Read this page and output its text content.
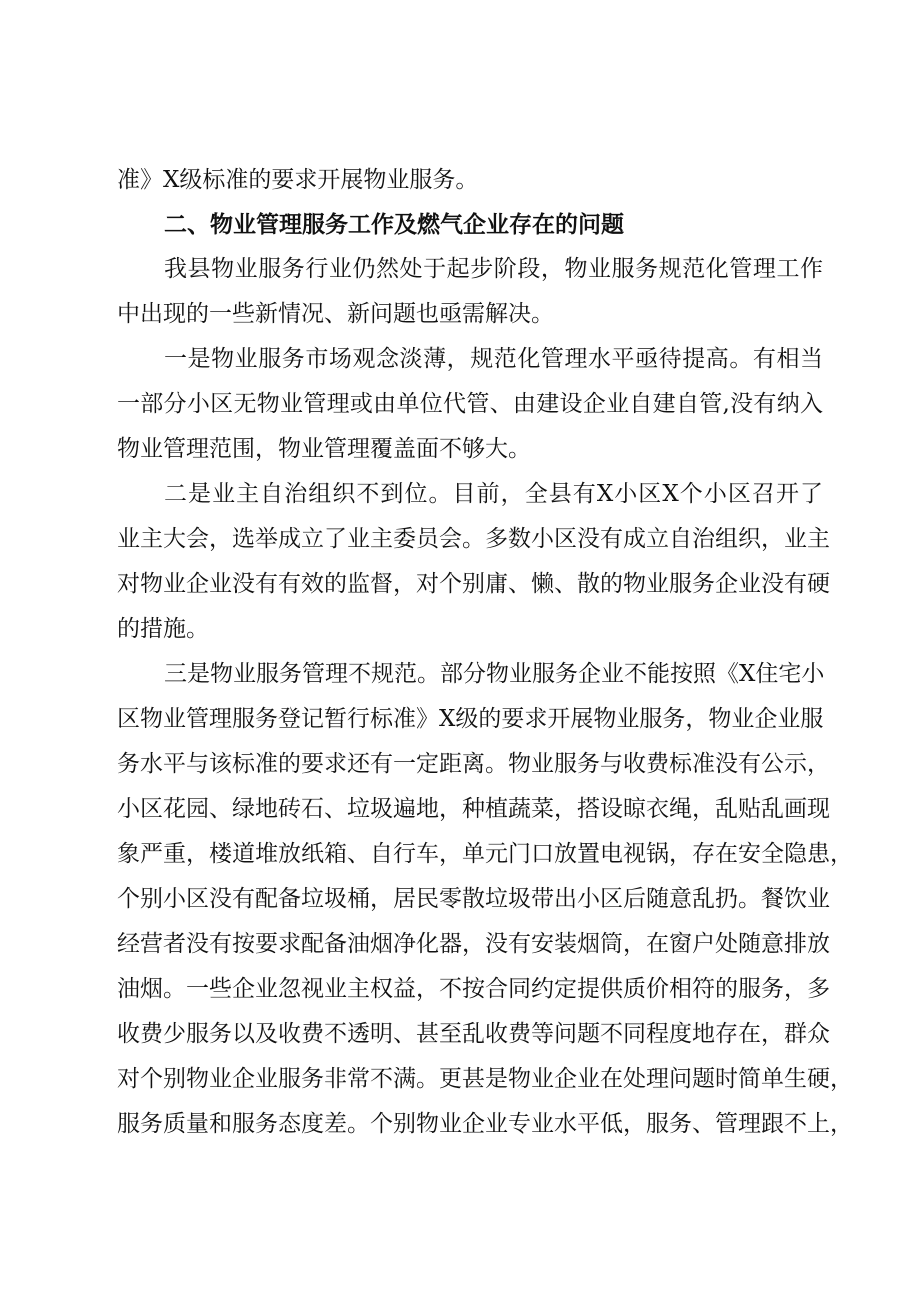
准》X级标准的要求开展物业服务。
二、物业管理服务工作及燃气企业存在的问题
我县物业服务行业仍然处于起步阶段，物业服务规范化管理工作
中出现的一些新情况、新问题也亟需解决。
一是物业服务市场观念淡薄，规范化管理水平亟待提高。有相当
一部分小区无物业管理或由单位代管、由建设企业自建自管,没有纳入
物业管理范围，物业管理覆盖面不够大。
二是业主自治组织不到位。目前，全县有X小区X个小区召开了
业主大会，选举成立了业主委员会。多数小区没有成立自治组织，业主
对物业企业没有有效的监督，对个别庸、懒、散的物业服务企业没有硬
的措施。
三是物业服务管理不规范。部分物业服务企业不能按照《X住宅小
区物业管理服务登记暂行标准》X级的要求开展物业服务，物业企业服
务水平与该标准的要求还有一定距离。物业服务与收费标准没有公示，
小区花园、绿地砖石、垃圾遍地，种植蔬菜，搭设晾衣绳，乱贴乱画现
象严重，楼道堆放纸箱、自行车，单元门口放置电视锅，存在安全隐患，
个别小区没有配备垃圾桶，居民零散垃圾带出小区后随意乱扔。餐饮业
经营者没有按要求配备油烟净化器，没有安装烟筒，在窗户处随意排放
油烟。一些企业忽视业主权益，不按合同约定提供质价相符的服务，多
收费少服务以及收费不透明、甚至乱收费等问题不同程度地存在，群众
对个别物业企业服务非常不满。更甚是物业企业在处理问题时简单生硬，
服务质量和服务态度差。个别物业企业专业水平低，服务、管理跟不上，
